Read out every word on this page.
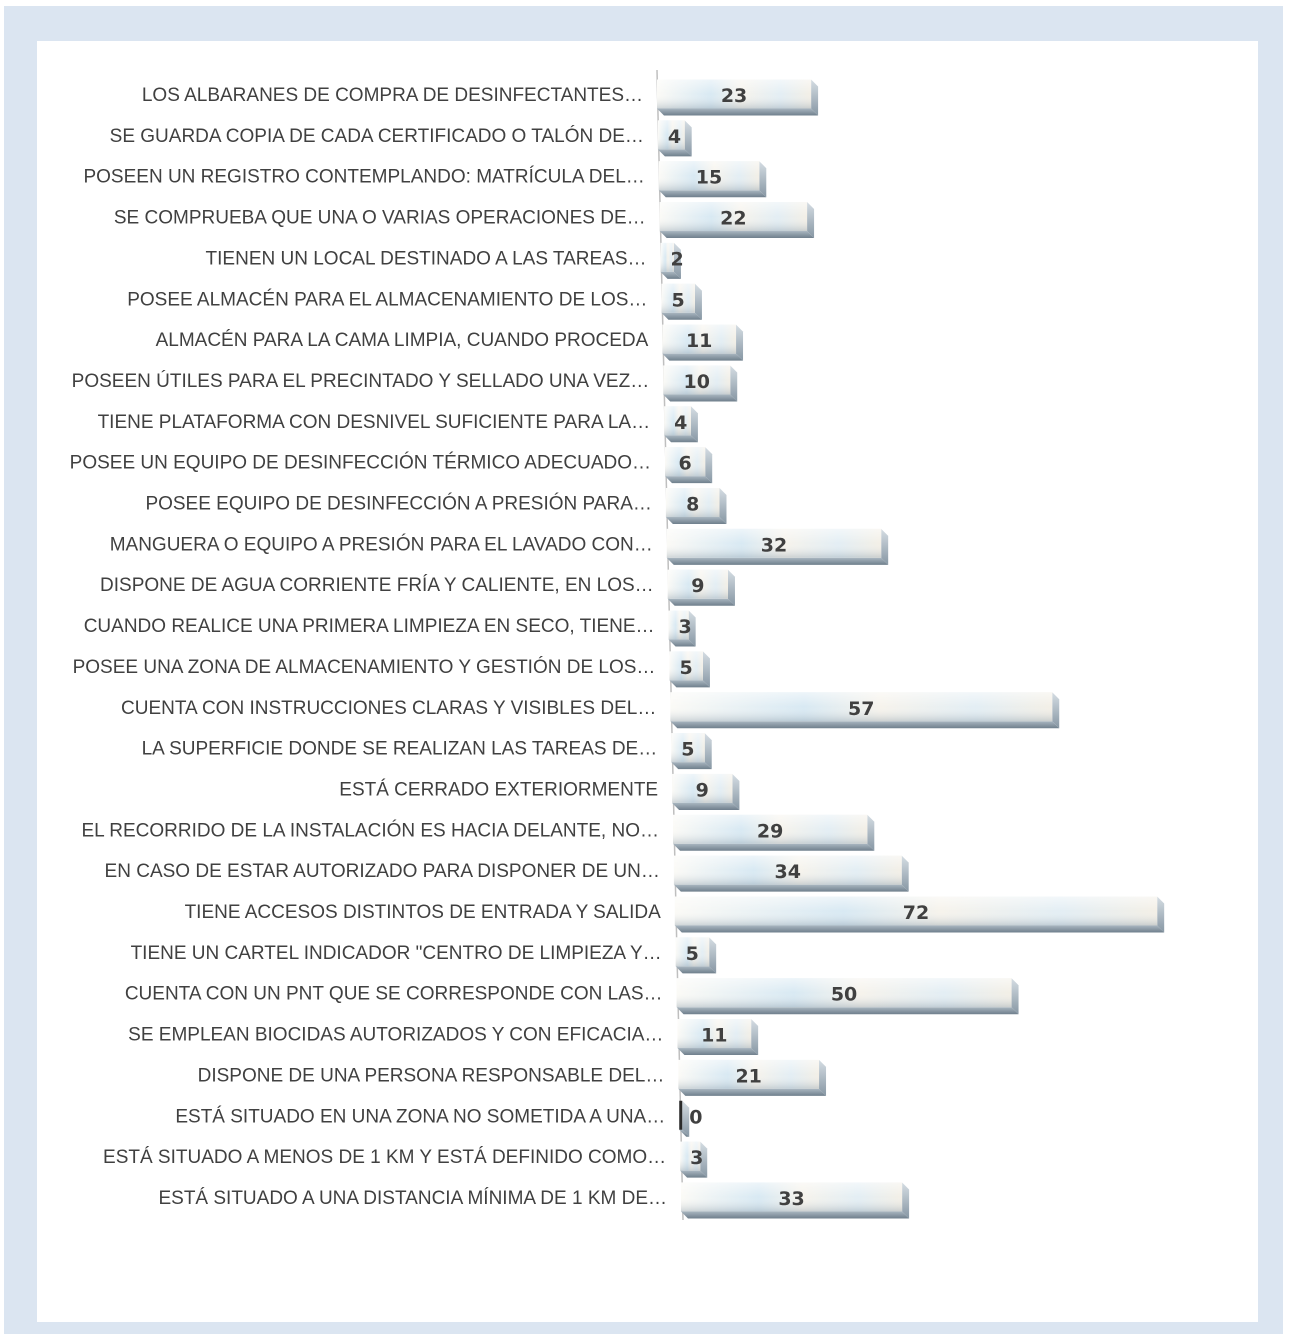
LOS ALBARANES DE COMPRA DE DESINFECTANTES…	23
SE GUARDA COPIA DE CADA CERTIFICADO O TALÓN DE… 4
POSEEN UN REGISTRO CONTEMPLANDO: MATRÍCULA DEL…	15
SE COMPRUEBA QUE UNA O VARIAS OPERACIONES DE…	22
TIENEN UN LOCAL DESTINADO A LAS TAREAS… 2
POSEE ALMACÉN PARA EL ALMACENAMIENTO DE LOS… 5
ALMACÉN PARA LA CAMA LIMPIA, CUANDO PROCEDA 11
POSEEN ÚTILES PARA EL PRECINTADO Y SELLADO UNA VEZ… 10
TIENE PLATAFORMA CON DESNIVEL SUFICIENTE PARA LA… 4
POSEE UN EQUIPO DE DESINFECCIÓN TÉRMICO ADECUADO… 6
POSEE EQUIPO DE DESINFECCIÓN A PRESIÓN PARA… 8
MANGUERA O EQUIPO A PRESIÓN PARA EL LAVADO CON…	32
DISPONE DE AGUA CORRIENTE FRÍA Y CALIENTE, EN LOS… 9
CUANDO REALICE UNA PRIMERA LIMPIEZA EN SECO, TIENE… 3
POSEE UNA ZONA DE ALMACENAMIENTO Y GESTIÓN DE LOS… 5
CUENTA CON INSTRUCCIONES CLARAS Y VISIBLES DEL…	57
LA SUPERFICIE DONDE SE REALIZAN LAS TAREAS DE… 5
ESTÁ CERRADO EXTERIORMENTE 9
EL RECORRIDO DE LA INSTALACIÓN ES HACIA DELANTE, NO…	29
EN CASO DE ESTAR AUTORIZADO PARA DISPONER DE UN…	34
TIENE ACCESOS DISTINTOS DE ENTRADA Y SALIDA	72
TIENE UN CARTEL INDICADOR "CENTRO DE LIMPIEZA Y… 5
CUENTA CON UN PNT QUE SE CORRESPONDE CON LAS…	50
SE EMPLEAN BIOCIDAS AUTORIZADOS Y CON EFICACIA… 11
DISPONE DE UNA PERSONA RESPONSABLE DEL…	21
ESTÁ SITUADO EN UNA ZONA NO SOMETIDA A UNA… 0
ESTÁ SITUADO A MENOS DE 1 KM Y ESTÁ DEFINIDO COMO… 3
ESTÁ SITUADO A UNA DISTANCIA MÍNIMA DE 1 KM DE…	33
